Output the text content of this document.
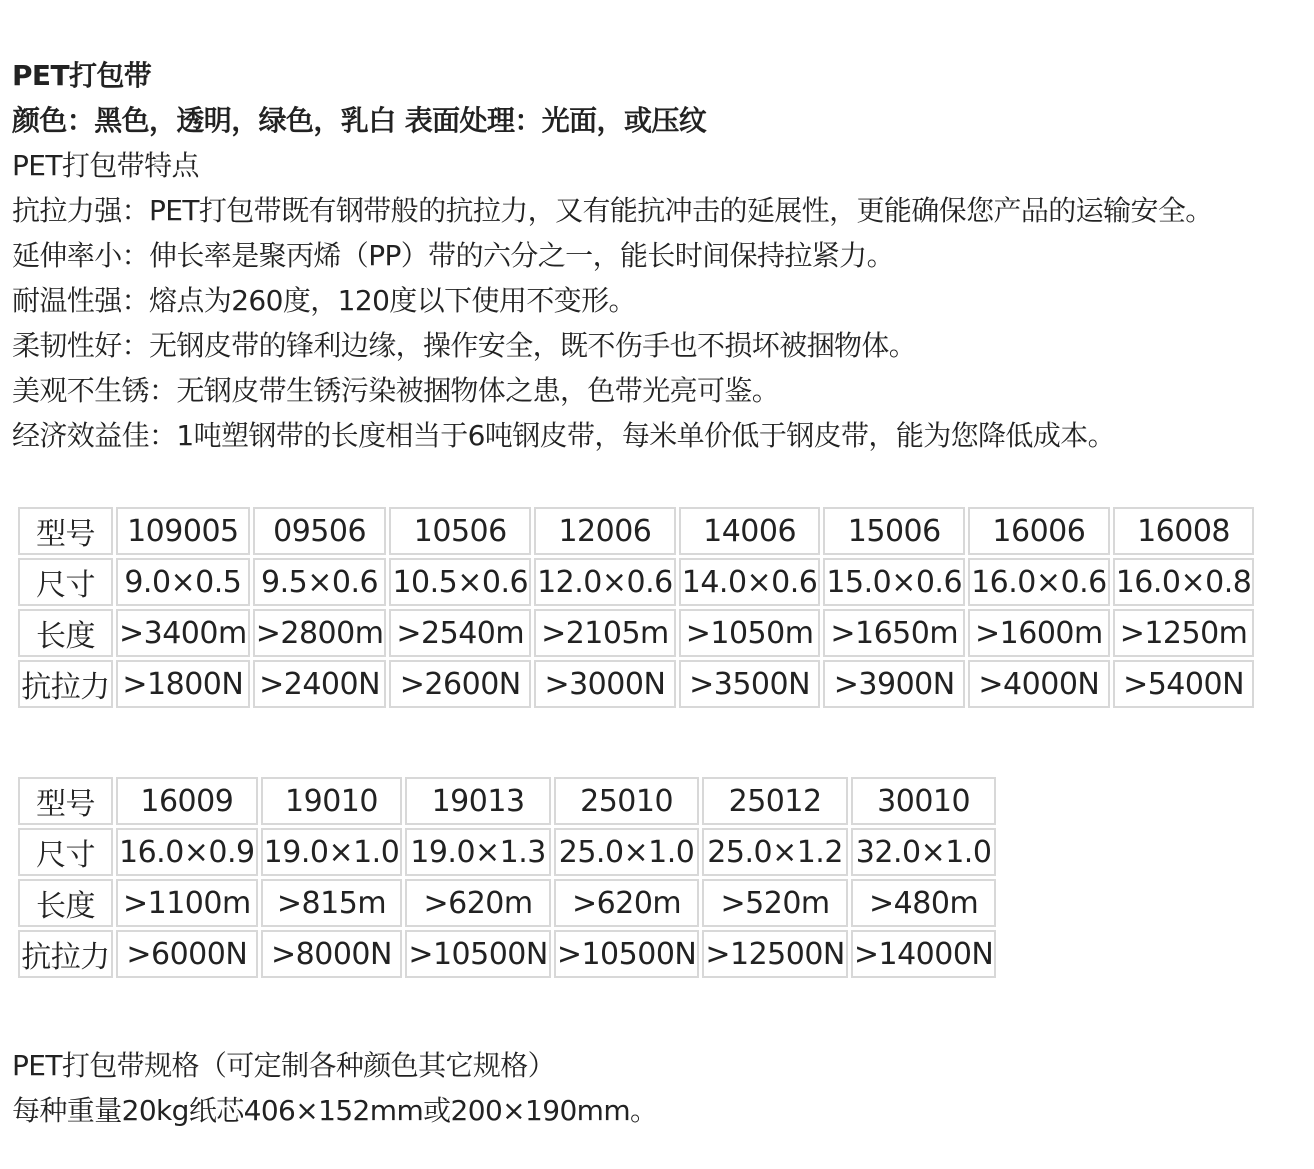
PET打包带

颜色：黑色，透明，绿色，乳白 表面处理：光面，或压纹

PET打包带特点

抗拉力强：PET打包带既有钢带般的抗拉力，又有能抗冲击的延展性，更能确保您产品的运输安全。

延伸率小：伸长率是聚丙烯（PP）带的六分之一，能长时间保持拉紧力。

耐温性强：熔点为260度，120度以下使用不变形。

柔韧性好：无钢皮带的锋利边缘，操作安全，既不伤手也不损坏被捆物体。

美观不生锈：无钢皮带生锈污染被捆物体之患，色带光亮可鉴。

经济效益佳：1吨塑钢带的长度相当于6吨钢皮带，每米单价低于钢皮带，能为您降低成本。

型号	109005	09506	10506	12006	14006	15006	16006	16008
尺寸	9.0×0.5	9.5×0.6	10.5×0.6	12.0×0.6	14.0×0.6	15.0×0.6	16.0×0.6	16.0×0.8
长度	>3400m	>2800m	>2540m	>2105m	>1050m	>1650m	>1600m	>1250m
抗拉力	>1800N	>2400N	>2600N	>3000N	>3500N	>3900N	>4000N	>5400N
型号	16009	19010	19013	25010	25012	30010
尺寸	16.0×0.9	19.0×1.0	19.0×1.3	25.0×1.0	25.0×1.2	32.0×1.0
长度	>1100m	>815m	>620m	>620m	>520m	>480m
抗拉力	>6000N	>8000N	>10500N	>10500N	>12500N	>14000N

PET打包带规格（可定制各种颜色其它规格）

每种重量20kg纸芯406×152mm或200×190mm。
